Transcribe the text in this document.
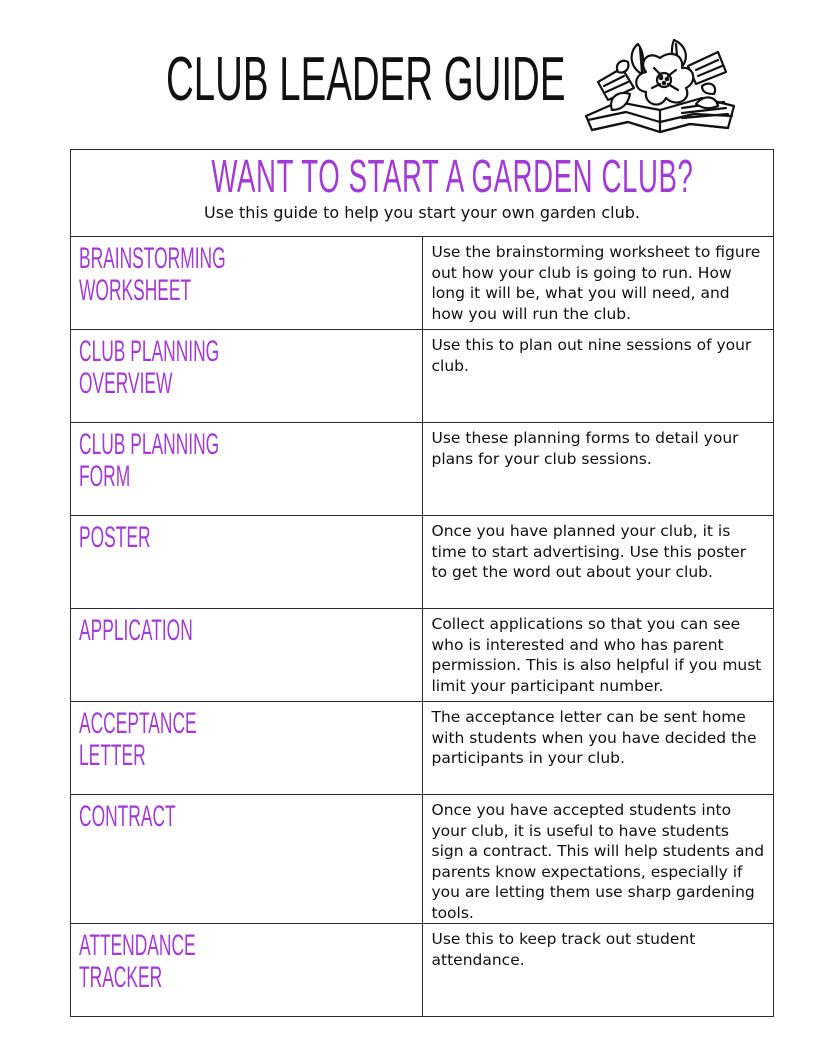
CLUB LEADER GUIDE
WANT TO START A GARDEN CLUB?
Use this guide to help you start your own garden club.	

BRAINSTORMING
WORKSHEET	Use the brainstorming worksheet to figure out how your club is going to run. How long it will be, what you will need, and how you will run the club.

CLUB PLANNING
OVERVIEW	Use this to plan out nine sessions of your club.

CLUB PLANNING
FORM	Use these planning forms to detail your plans for your club sessions.

POSTER	Once you have planned your club, it is time to start advertising. Use this poster to get the word out about your club.

APPLICATION	Collect applications so that you can see who is interested and who has parent permission. This is also helpful if you must limit your participant number.

ACCEPTANCE
LETTER	The acceptance letter can be sent home with students when you have decided the participants in your club.

CONTRACT	Once you have accepted students into your club, it is useful to have students sign a contract. This will help students and parents know expectations, especially if you are letting them use sharp gardening tools.

ATTENDANCE
TRACKER	Use this to keep track out student attendance.
